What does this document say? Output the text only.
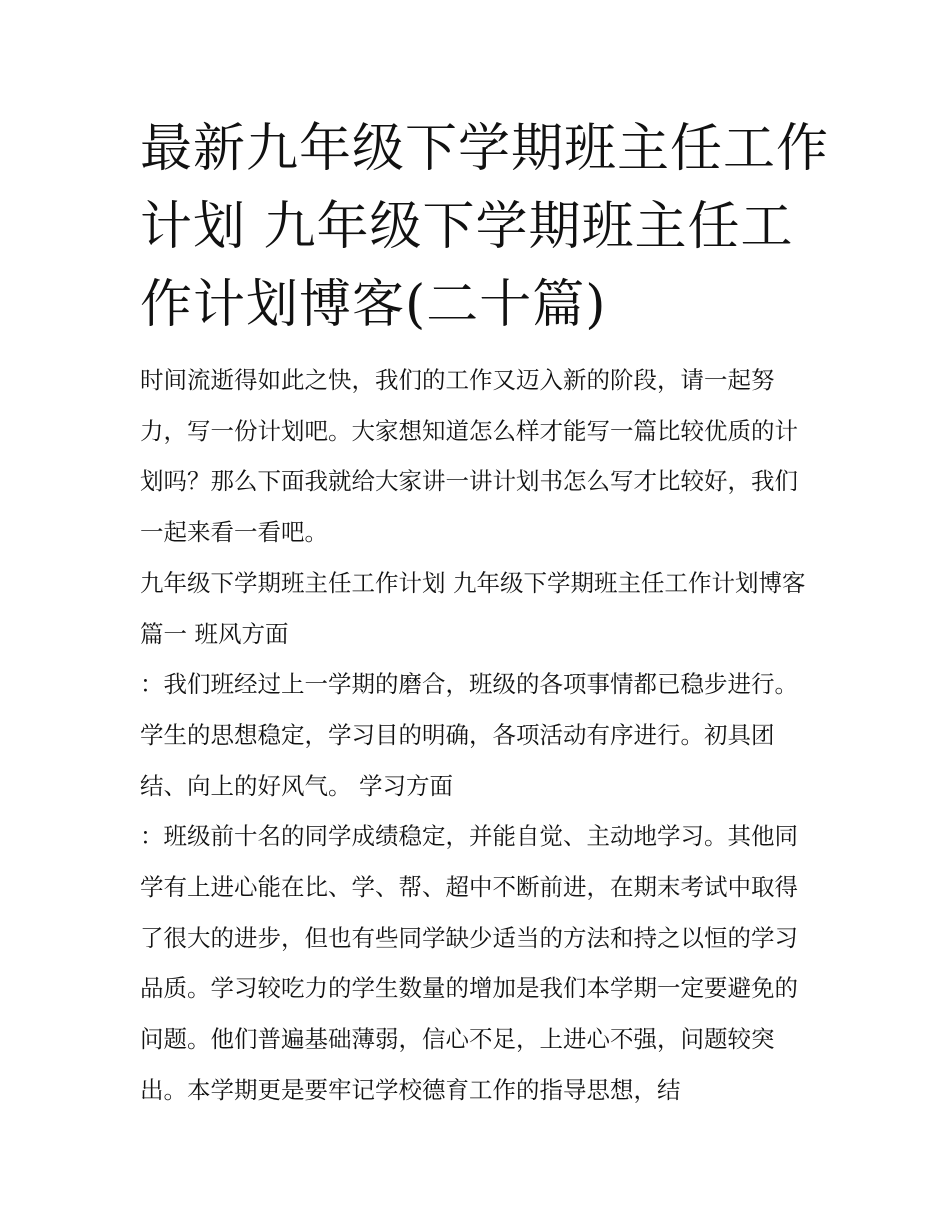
最新九年级下学期班主任工作计划 九年级下学期班主任工作计划博客(二十篇)

时间流逝得如此之快，我们的工作又迈入新的阶段，请一起努力，写一份计划吧。大家想知道怎么样才能写一篇比较优质的计划吗？那么下面我就给大家讲一讲计划书怎么写才比较好，我们一起来看一看吧。

九年级下学期班主任工作计划 九年级下学期班主任工作计划博客篇一 班风方面

：我们班经过上一学期的磨合，班级的各项事情都已稳步进行。学生的思想稳定，学习目的明确，各项活动有序进行。初具团结、向上的好风气。 学习方面

：班级前十名的同学成绩稳定，并能自觉、主动地学习。其他同学有上进心能在比、学、帮、超中不断前进，在期末考试中取得了很大的进步，但也有些同学缺少适当的方法和持之以恒的学习品质。学习较吃力的学生数量的增加是我们本学期一定要避免的问题。他们普遍基础薄弱，信心不足，上进心不强，问题较突出。本学期更是要牢记学校德育工作的指导思想，结
